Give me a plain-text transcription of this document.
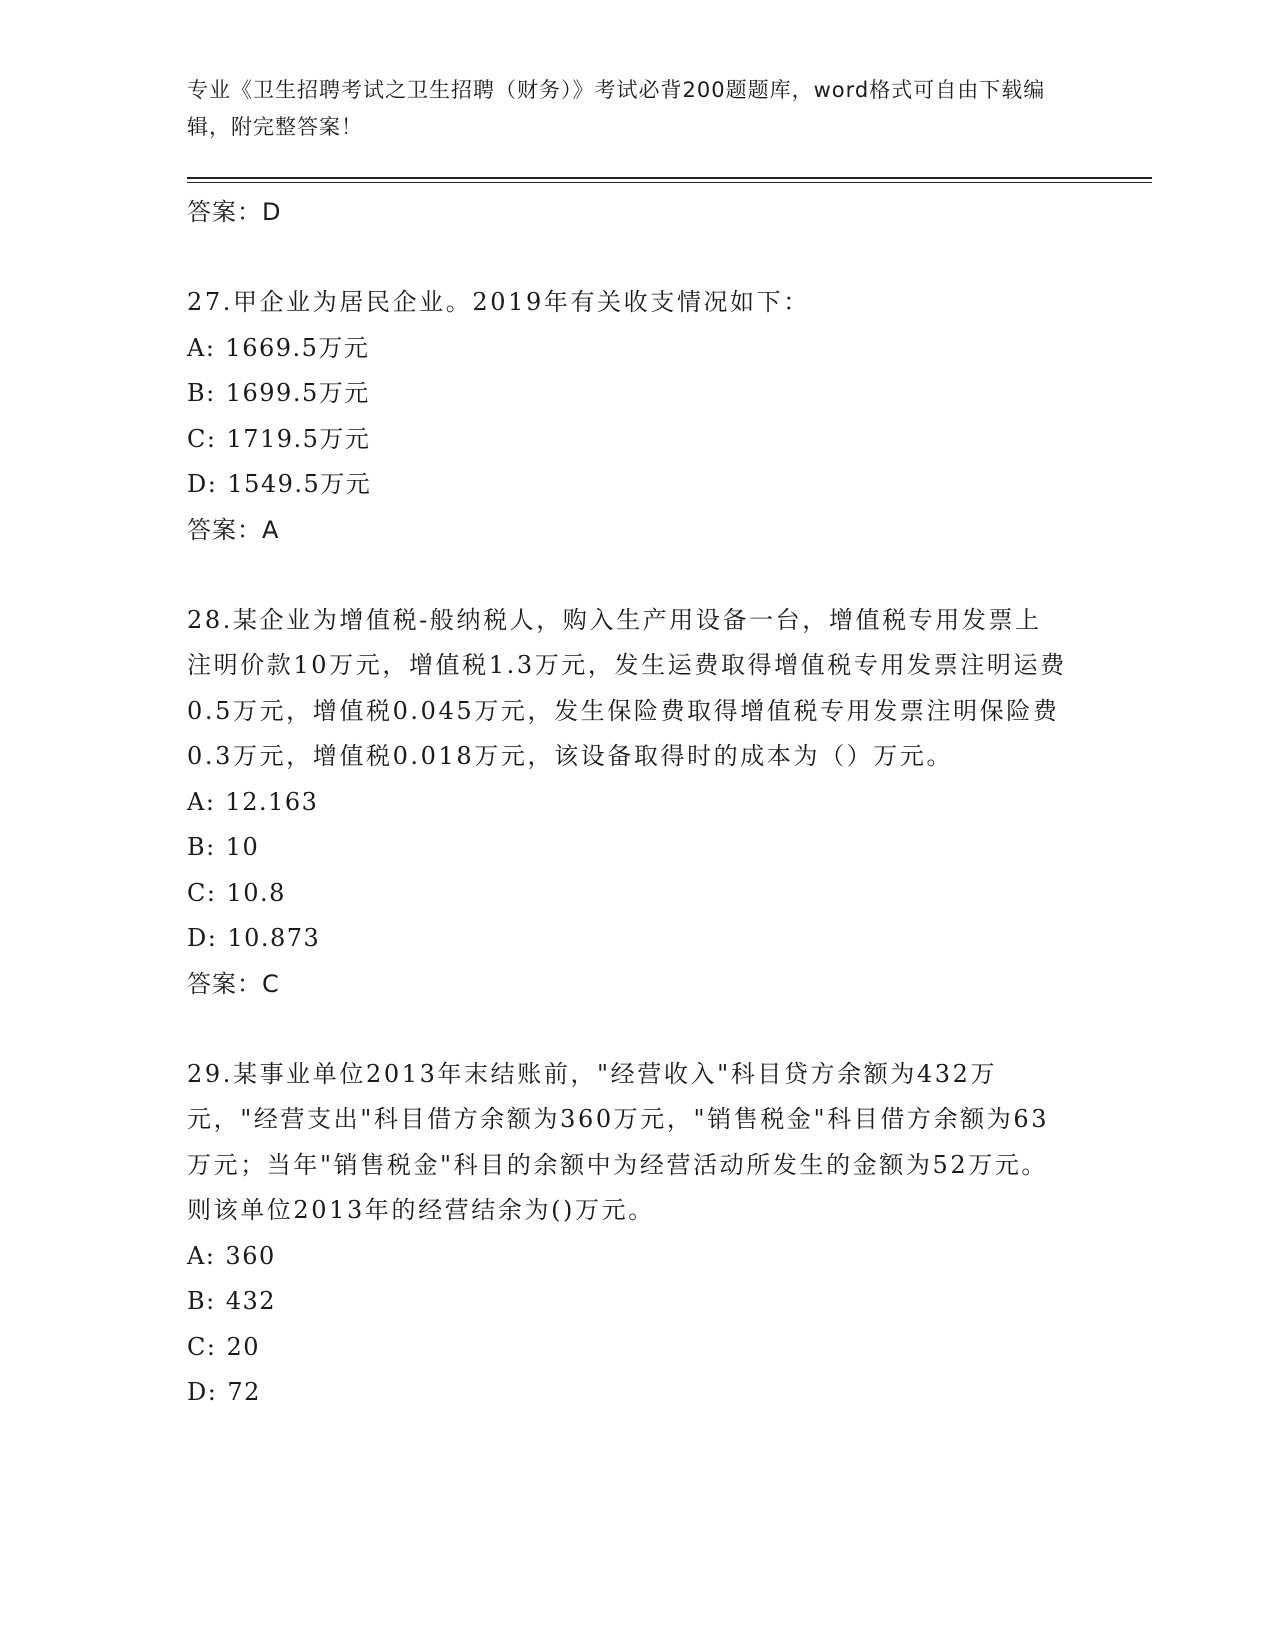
专业《卫生招聘考试之卫生招聘（财务）》考试必背200题题库，word格式可自由下载编辑，附完整答案！
答案：D
27.甲企业为居民企业。2019年有关收支情况如下：
A: 1669.5万元
B: 1699.5万元
C: 1719.5万元
D: 1549.5万元
答案：A
28.某企业为增值税-般纳税人，购入生产用设备一台，增值税专用发票上注明价款10万元，增值税1.3万元，发生运费取得增值税专用发票注明运费0.5万元，增值税0.045万元，发生保险费取得增值税专用发票注明保险费0.3万元，增值税0.018万元，该设备取得时的成本为（）万元。
A: 12.163
B: 10
C: 10.8
D: 10.873
答案：C
29.某事业单位2013年末结账前，"经营收入"科目贷方余额为432万元，"经营支出"科目借方余额为360万元，"销售税金"科目借方余额为63万元；当年"销售税金"科目的余额中为经营活动所发生的金额为52万元。则该单位2013年的经营结余为()万元。
A: 360
B: 432
C: 20
D: 72
